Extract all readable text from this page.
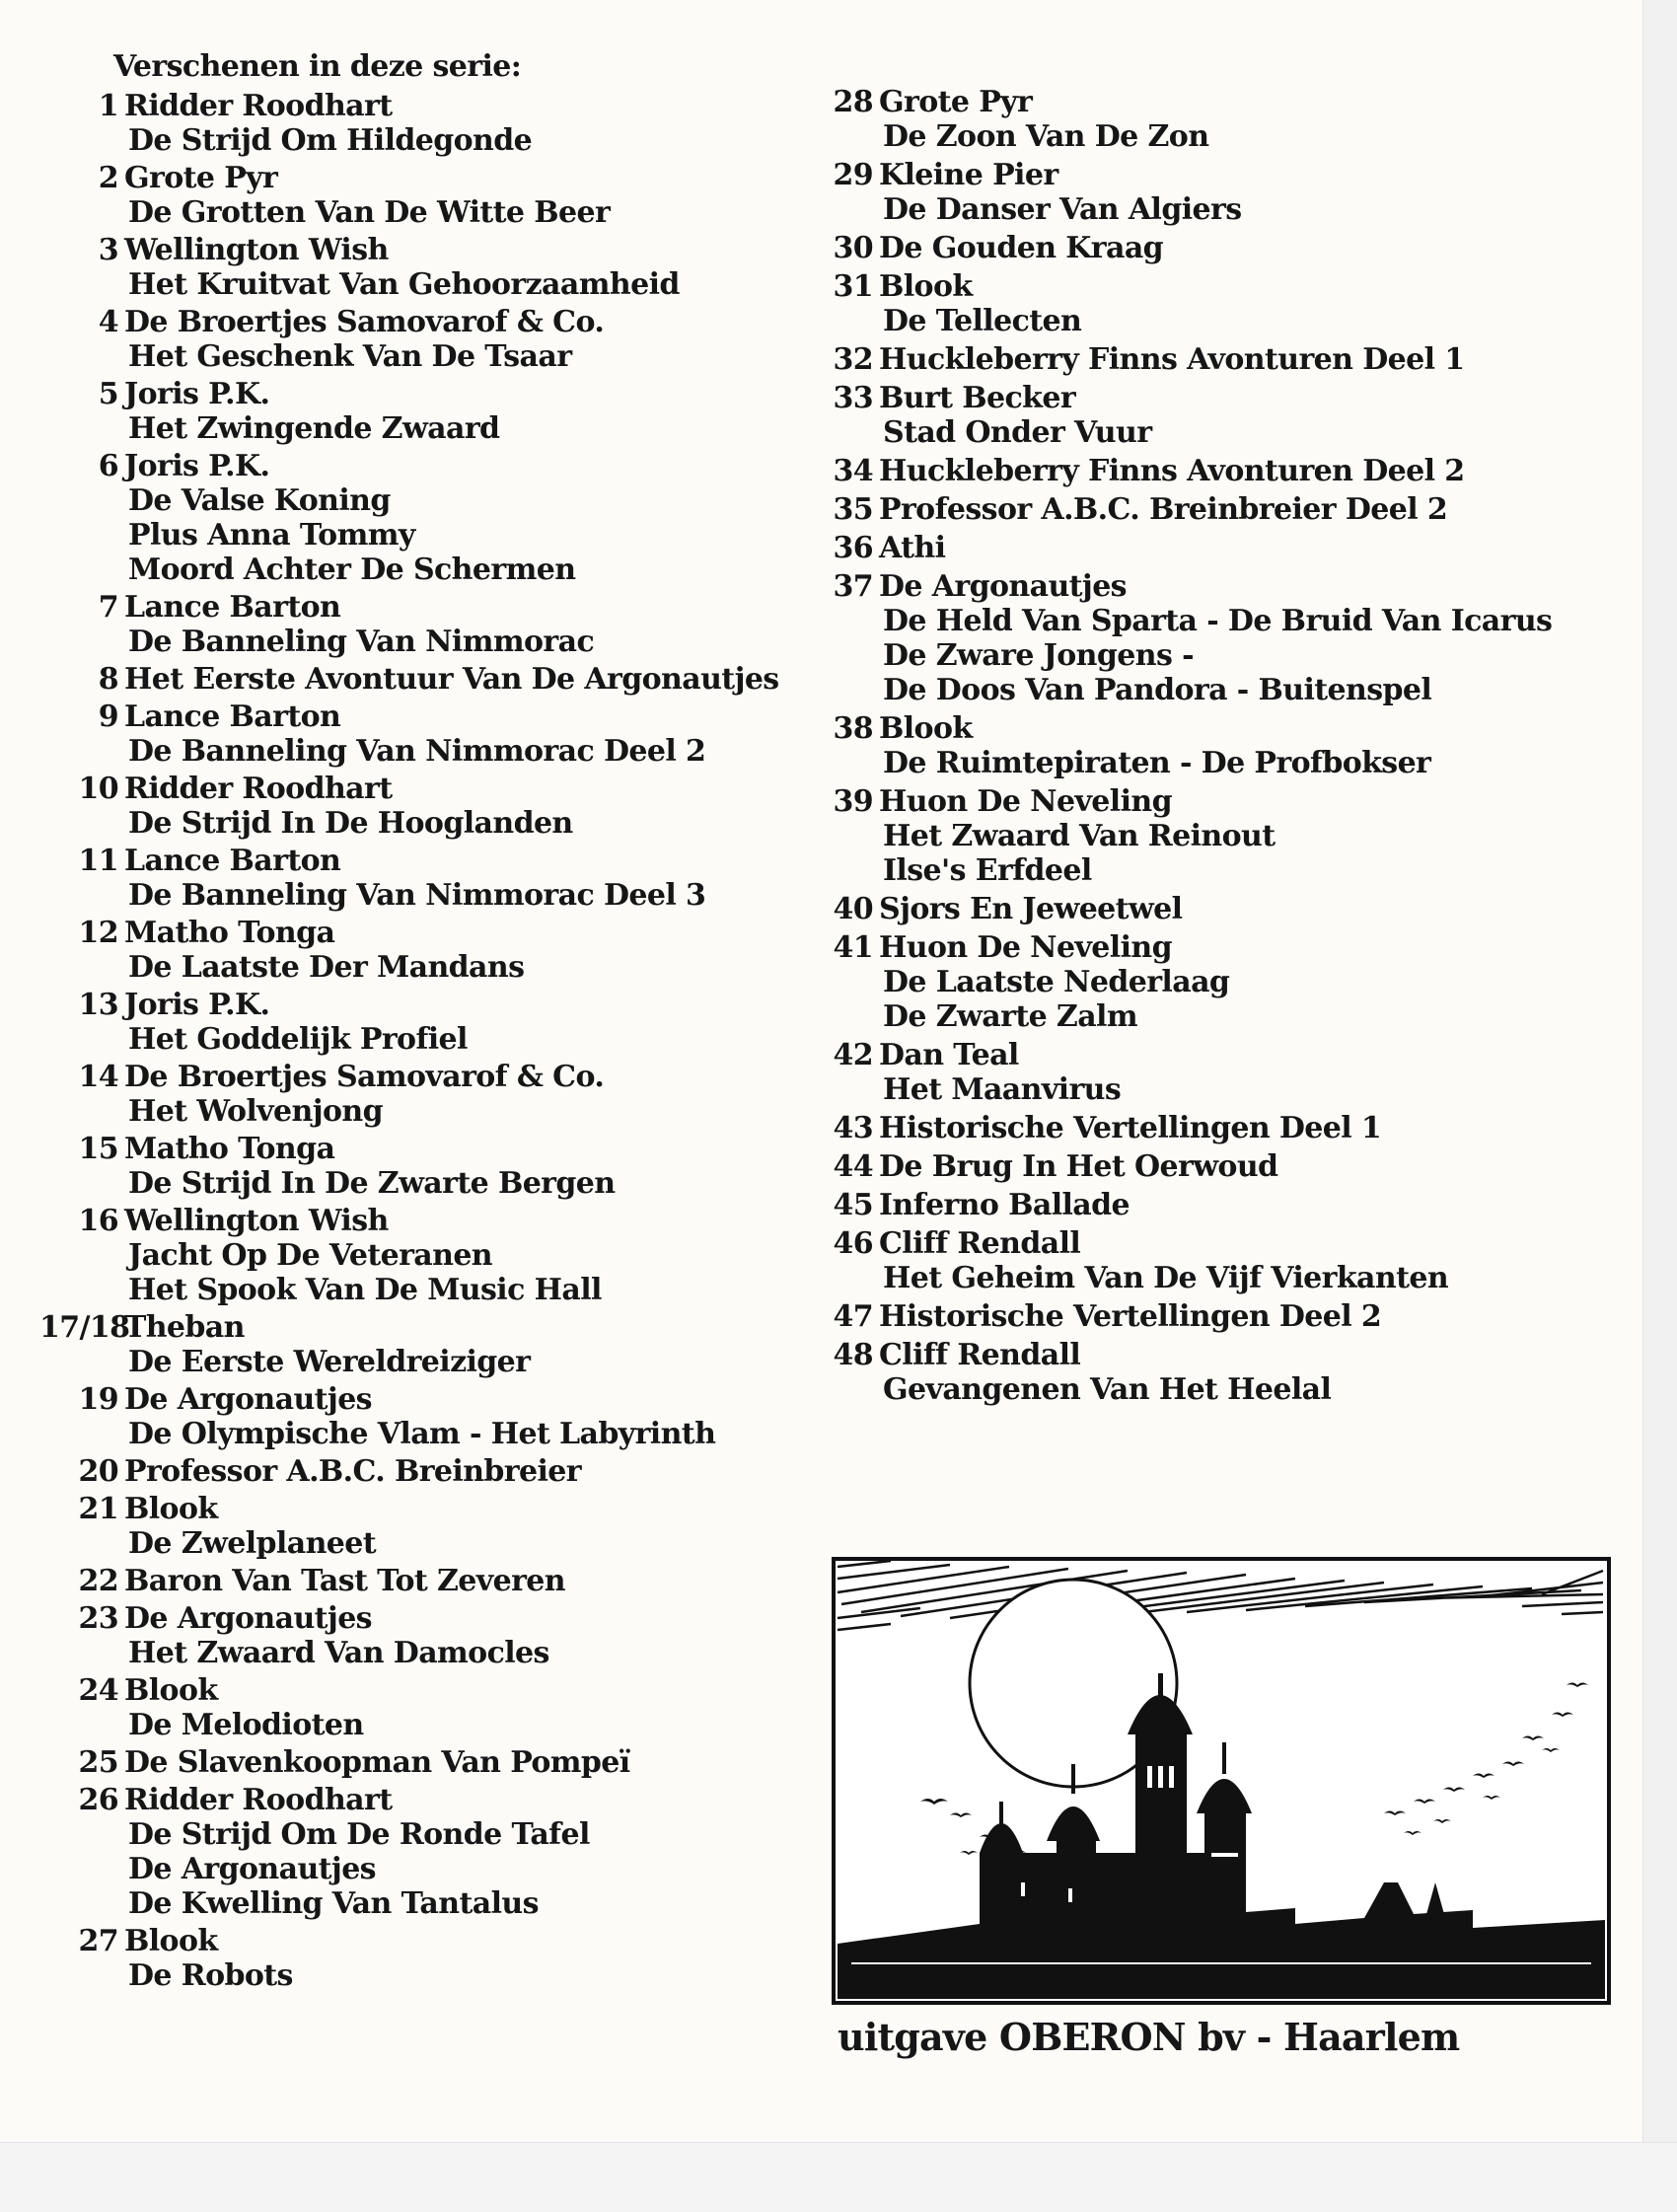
Verschenen in deze serie:
1 Ridder Roodhart
De Strijd Om Hildegonde
2 Grote Pyr
De Grotten Van De Witte Beer
3 Wellington Wish
Het Kruitvat Van Gehoorzaamheid
4 De Broertjes Samovarof & Co.
Het Geschenk Van De Tsaar
5 Joris P.K.
Het Zwingende Zwaard
6 Joris P.K.
De Valse Koning
Plus Anna Tommy
Moord Achter De Schermen
7 Lance Barton
De Banneling Van Nimmorac
8 Het Eerste Avontuur Van De Argonautjes
9 Lance Barton
De Banneling Van Nimmorac Deel 2
10 Ridder Roodhart
De Strijd In De Hooglanden
11 Lance Barton
De Banneling Van Nimmorac Deel 3
12 Matho Tonga
De Laatste Der Mandans
13 Joris P.K.
Het Goddelijk Profiel
14 De Broertjes Samovarof & Co.
Het Wolvenjong
15 Matho Tonga
De Strijd In De Zwarte Bergen
16 Wellington Wish
Jacht Op De Veteranen
Het Spook Van De Music Hall
17/18
Theban
De Eerste Wereldreiziger
19 De Argonautjes
De Olympische Vlam - Het Labyrinth
20 Professor A.B.C. Breinbreier
21 Blook
De Zwelplaneet
22 Baron Van Tast Tot Zeveren
23 De Argonautjes
Het Zwaard Van Damocles
24 Blook
De Melodioten
25 De Slavenkoopman Van Pompeï
26 Ridder Roodhart
De Strijd Om De Ronde Tafel
De Argonautjes
De Kwelling Van Tantalus
27 Blook
De Robots
28 Grote Pyr
De Zoon Van De Zon
29 Kleine Pier
De Danser Van Algiers
30 De Gouden Kraag
31 Blook
De Tellecten
32 Huckleberry Finns Avonturen Deel 1
33 Burt Becker
Stad Onder Vuur
34 Huckleberry Finns Avonturen Deel 2
35 Professor A.B.C. Breinbreier Deel 2
36 Athi
37 De Argonautjes
De Held Van Sparta - De Bruid Van Icarus
De Zware Jongens -
De Doos Van Pandora - Buitenspel
38 Blook
De Ruimtepiraten - De Profbokser
39 Huon De Neveling
Het Zwaard Van Reinout
Ilse's Erfdeel
40 Sjors En Jeweetwel
41 Huon De Neveling
De Laatste Nederlaag
De Zwarte Zalm
42 Dan Teal
Het Maanvirus
43 Historische Vertellingen Deel 1
44 De Brug In Het Oerwoud
45 Inferno Ballade
46 Cliff Rendall
Het Geheim Van De Vijf Vierkanten
47 Historische Vertellingen Deel 2
48 Cliff Rendall
Gevangenen Van Het Heelal
uitgave OBERON bv - Haarlem
